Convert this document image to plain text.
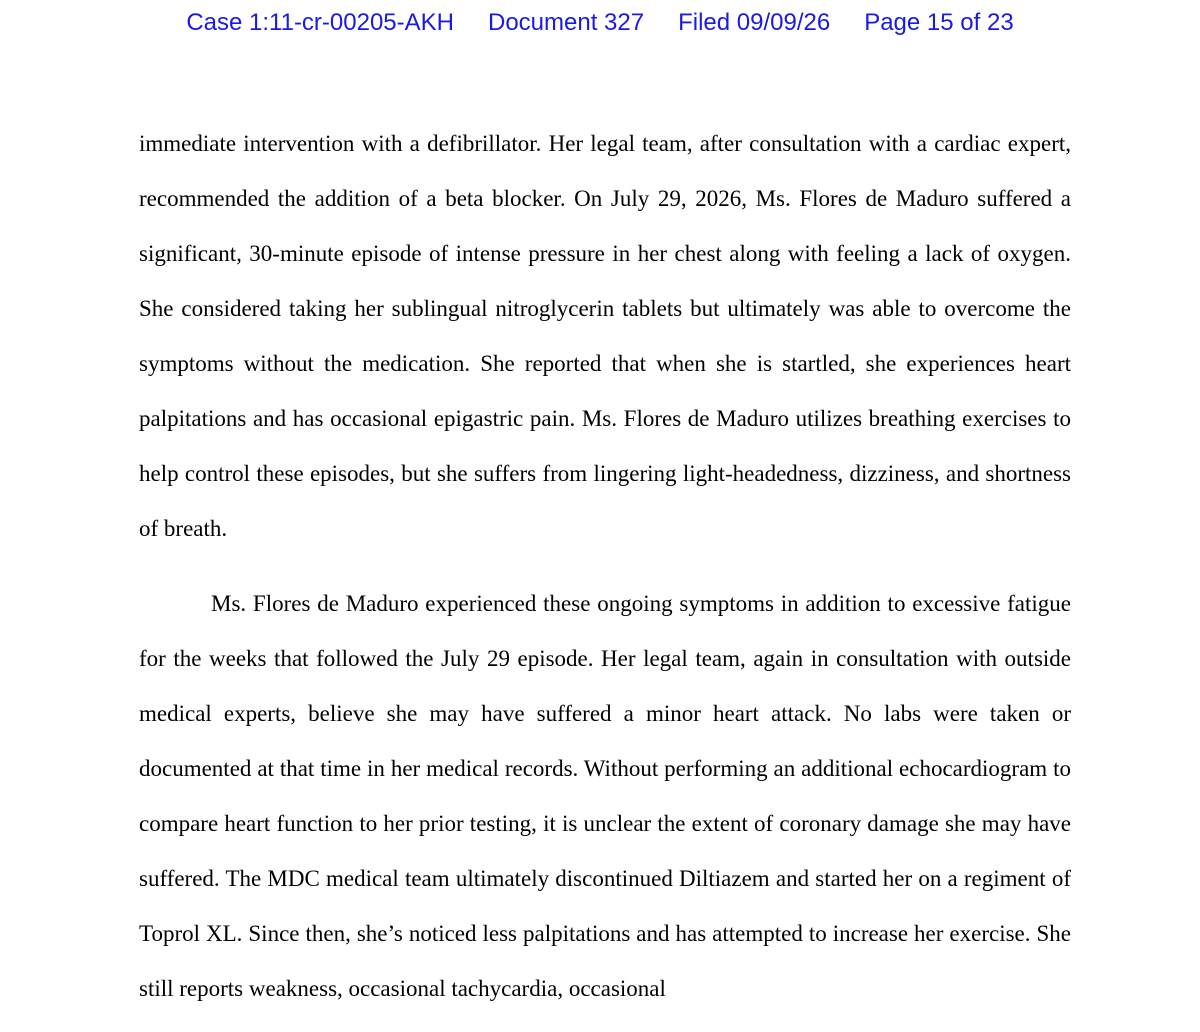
Case 1:11-cr-00205-AKH Document 327 Filed 09/09/26 Page 15 of 23

immediate intervention with a defibrillator. Her legal team, after consultation with a cardiac expert, recommended the addition of a beta blocker. On July 29, 2026, Ms. Flores de Maduro suffered a significant, 30-minute episode of intense pressure in her chest along with feeling a lack of oxygen. She considered taking her sublingual nitroglycerin tablets but ultimately was able to overcome the symptoms without the medication. She reported that when she is startled, she experiences heart palpitations and has occasional epigastric pain. Ms. Flores de Maduro utilizes breathing exercises to help control these episodes, but she suffers from lingering light-headedness, dizziness, and shortness of breath.

Ms. Flores de Maduro experienced these ongoing symptoms in addition to excessive fatigue for the weeks that followed the July 29 episode. Her legal team, again in consultation with outside medical experts, believe she may have suffered a minor heart attack. No labs were taken or documented at that time in her medical records. Without performing an additional echocardiogram to compare heart function to her prior testing, it is unclear the extent of coronary damage she may have suffered. The MDC medical team ultimately discontinued Diltiazem and started her on a regiment of Toprol XL. Since then, she’s noticed less palpitations and has attempted to increase her exercise. She still reports weakness, occasional tachycardia, occasional
